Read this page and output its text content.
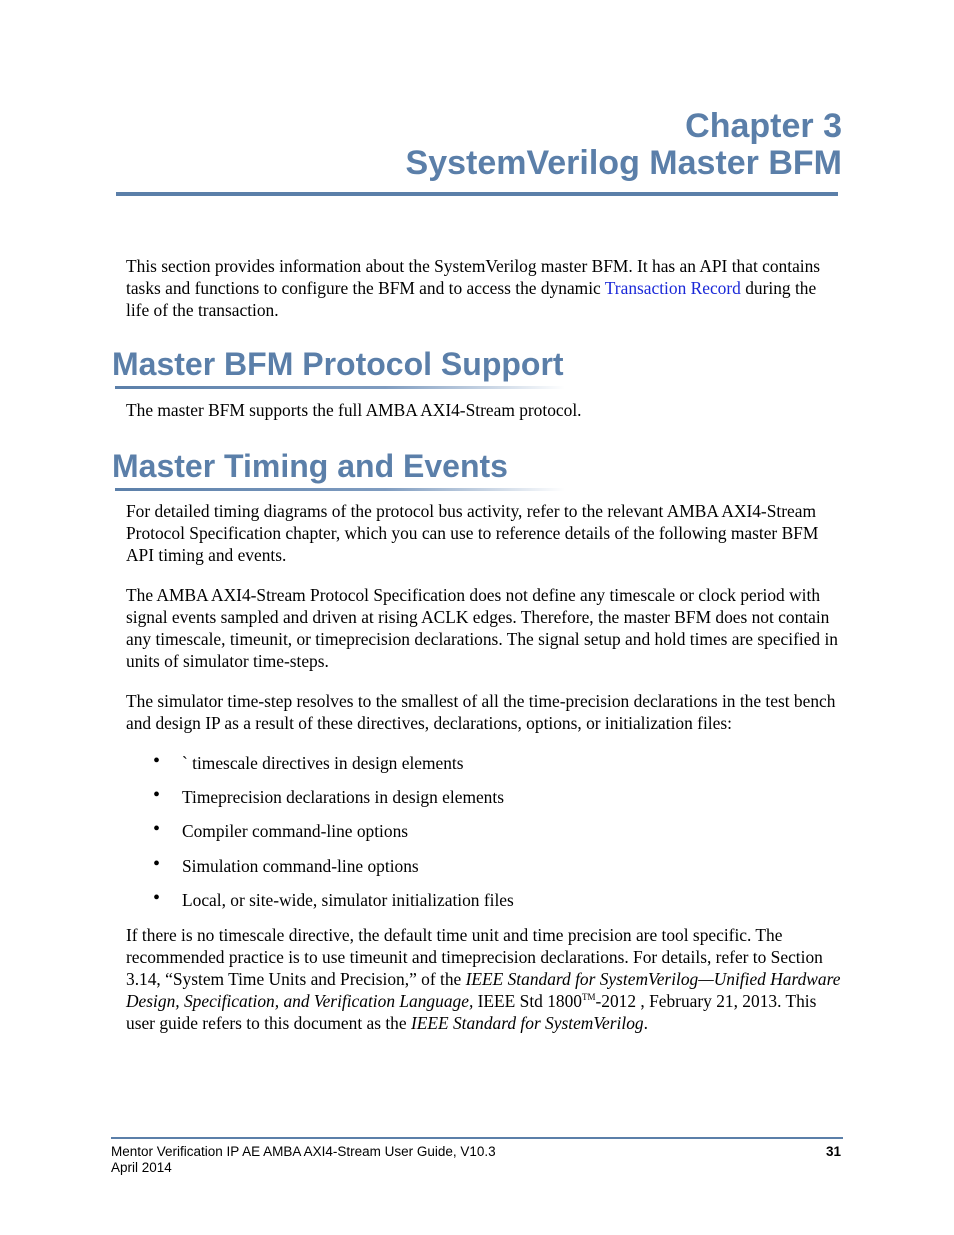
Chapter 3
SystemVerilog Master BFM

This section provides information about the SystemVerilog master BFM. It has an API that contains tasks and functions to configure the BFM and to access the dynamic Transaction Record during the life of the transaction.

Master BFM Protocol Support

The master BFM supports the full AMBA AXI4-Stream protocol.

Master Timing and Events

For detailed timing diagrams of the protocol bus activity, refer to the relevant AMBA AXI4-Stream Protocol Specification chapter, which you can use to reference details of the following master BFM API timing and events.

The AMBA AXI4-Stream Protocol Specification does not define any timescale or clock period with signal events sampled and driven at rising ACLK edges. Therefore, the master BFM does not contain any timescale, timeunit, or timeprecision declarations. The signal setup and hold times are specified in units of simulator time-steps.

The simulator time-step resolves to the smallest of all the time-precision declarations in the test bench and design IP as a result of these directives, declarations, options, or initialization files:

• ` timescale directives in design elements
• Timeprecision declarations in design elements
• Compiler command-line options
• Simulation command-line options
• Local, or site-wide, simulator initialization files

If there is no timescale directive, the default time unit and time precision are tool specific. The recommended practice is to use timeunit and timeprecision declarations. For details, refer to Section 3.14, “System Time Units and Precision,” of the IEEE Standard for SystemVerilog—Unified Hardware Design, Specification, and Verification Language, IEEE Std 1800™-2012 , February 21, 2013. This user guide refers to this document as the IEEE Standard for SystemVerilog.

Mentor Verification IP AE AMBA AXI4-Stream User Guide, V10.3
April 2014
31
